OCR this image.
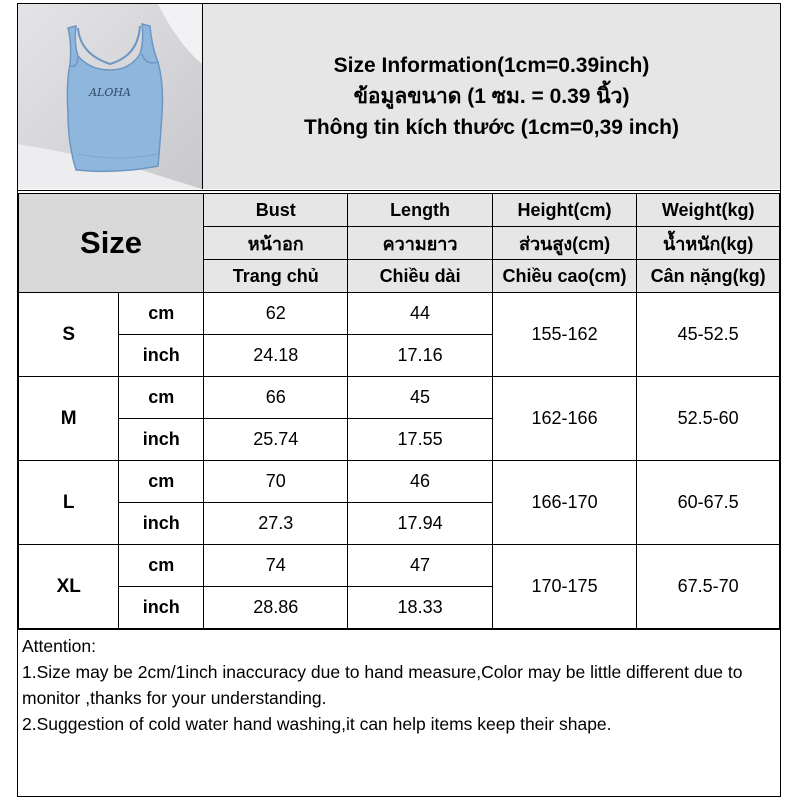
ALOHA
Size Information(1cm=0.39inch)
ข้อมูลขนาด (1 ซม. = 0.39 นิ้ว)
Thông tin kích thước (1cm=0,39 inch)
Size		Bust	Length	Height(cm)	Weight(kg)
		หน้าอก	ความยาว	ส่วนสูง(cm)	น้ำหนัก(kg)
		Trang chủ	Chiều dài	Chiều cao(cm)	Cân nặng(kg)
S	cm	62	44	155-162	45-52.5
	inch	24.18	17.16		
M	cm	66	45	162-166	52.5-60
	inch	25.74	17.55		
L	cm	70	46	166-170	60-67.5
	inch	27.3	17.94		
XL	cm	74	47	170-175	67.5-70
	inch	28.86	18.33		
Attention:
1.Size may be 2cm/1inch inaccuracy due to hand measure,Color may be little different due to monitor ,thanks for your understanding.
2.Suggestion of cold water hand washing,it can help items keep their shape.
